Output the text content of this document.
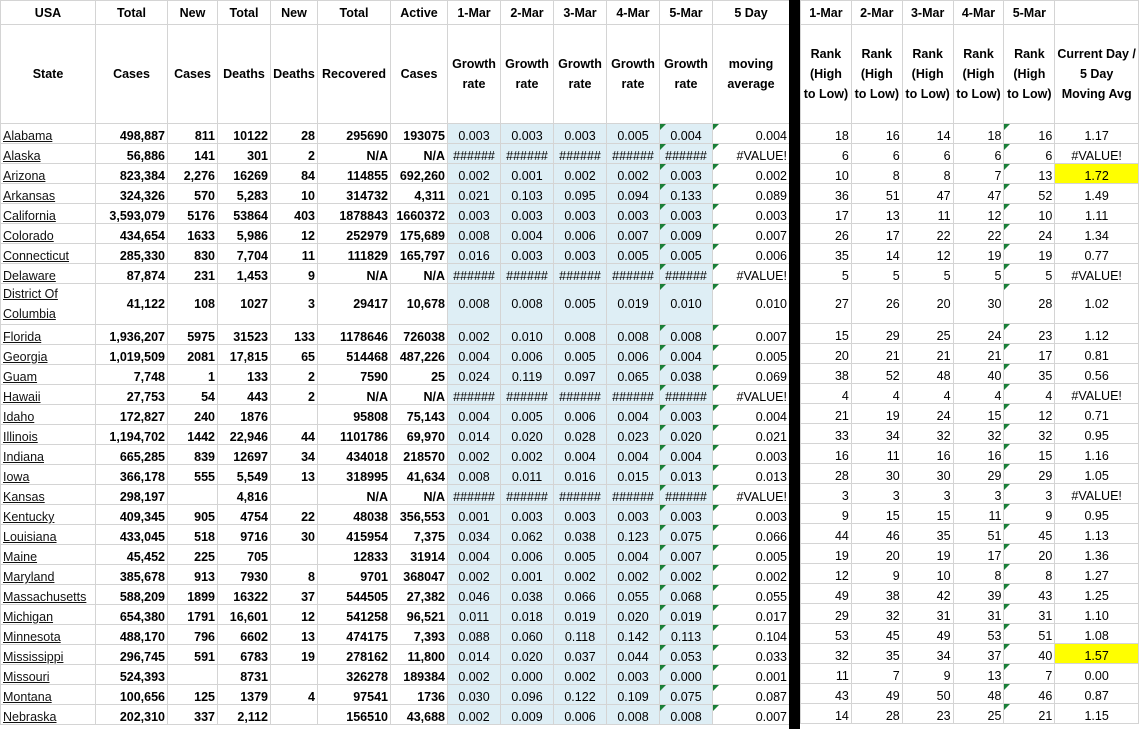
USA	Total	New	Total	New	Total	Active	1-Mar	2-Mar	3-Mar	4-Mar	5-Mar	5 Day
State	Cases	Cases	Deaths	Deaths	Recovered	Cases	Growth rate	Growth rate	Growth rate	Growth rate	Growth rate	moving average
Alabama	498,887	811	10122	28	295690	193075	0.003	0.003	0.003	0.005	0.004	0.004
Alaska	56,886	141	301	2	N/A	N/A	######	######	######	######	######	#VALUE!
Arizona	823,384	2,276	16269	84	114855	692,260	0.002	0.001	0.002	0.002	0.003	0.002
Arkansas	324,326	570	5,283	10	314732	4,311	0.021	0.103	0.095	0.094	0.133	0.089
California	3,593,079	5176	53864	403	1878843	1660372	0.003	0.003	0.003	0.003	0.003	0.003
Colorado	434,654	1633	5,986	12	252979	175,689	0.008	0.004	0.006	0.007	0.009	0.007
Connecticut	285,330	830	7,704	11	111829	165,797	0.016	0.003	0.003	0.005	0.005	0.006
Delaware	87,874	231	1,453	9	N/A	N/A	######	######	######	######	######	#VALUE!
District Of Columbia	41,122	108	1027	3	29417	10,678	0.008	0.008	0.005	0.019	0.010	0.010
Florida	1,936,207	5975	31523	133	1178646	726038	0.002	0.010	0.008	0.008	0.008	0.007
Georgia	1,019,509	2081	17,815	65	514468	487,226	0.004	0.006	0.005	0.006	0.004	0.005
Guam	7,748	1	133	2	7590	25	0.024	0.119	0.097	0.065	0.038	0.069
Hawaii	27,753	54	443	2	N/A	N/A	######	######	######	######	######	#VALUE!
Idaho	172,827	240	1876		95808	75,143	0.004	0.005	0.006	0.004	0.003	0.004
Illinois	1,194,702	1442	22,946	44	1101786	69,970	0.014	0.020	0.028	0.023	0.020	0.021
Indiana	665,285	839	12697	34	434018	218570	0.002	0.002	0.004	0.004	0.004	0.003
Iowa	366,178	555	5,549	13	318995	41,634	0.008	0.011	0.016	0.015	0.013	0.013
Kansas	298,197		4,816		N/A	N/A	######	######	######	######	######	#VALUE!
Kentucky	409,345	905	4754	22	48038	356,553	0.001	0.003	0.003	0.003	0.003	0.003
Louisiana	433,045	518	9716	30	415954	7,375	0.034	0.062	0.038	0.123	0.075	0.066
Maine	45,452	225	705		12833	31914	0.004	0.006	0.005	0.004	0.007	0.005
Maryland	385,678	913	7930	8	9701	368047	0.002	0.001	0.002	0.002	0.002	0.002
Massachusetts	588,209	1899	16322	37	544505	27,382	0.046	0.038	0.066	0.055	0.068	0.055
Michigan	654,380	1791	16,601	12	541258	96,521	0.011	0.018	0.019	0.020	0.019	0.017
Minnesota	488,170	796	6602	13	474175	7,393	0.088	0.060	0.118	0.142	0.113	0.104
Mississippi	296,745	591	6783	19	278162	11,800	0.014	0.020	0.037	0.044	0.053	0.033
Missouri	524,393		8731		326278	189384	0.002	0.000	0.002	0.003	0.000	0.001
Montana	100,656	125	1379	4	97541	1736	0.030	0.096	0.122	0.109	0.075	0.087
Nebraska	202,310	337	2,112		156510	43,688	0.002	0.009	0.006	0.008	0.008	0.007
1-Mar	2-Mar	3-Mar	4-Mar	5-Mar	
Rank (High to Low)	Rank (High to Low)	Rank (High to Low)	Rank (High to Low)	Rank (High to Low)	Current Day / 5 Day Moving Avg
18	16	14	18	16	1.17
6	6	6	6	6	#VALUE!
10	8	8	7	13	1.72
36	51	47	47	52	1.49
17	13	11	12	10	1.11
26	17	22	22	24	1.34
35	14	12	19	19	0.77
5	5	5	5	5	#VALUE!
27	26	20	30	28	1.02
15	29	25	24	23	1.12
20	21	21	21	17	0.81
38	52	48	40	35	0.56
4	4	4	4	4	#VALUE!
21	19	24	15	12	0.71
33	34	32	32	32	0.95
16	11	16	16	15	1.16
28	30	30	29	29	1.05
3	3	3	3	3	#VALUE!
9	15	15	11	9	0.95
44	46	35	51	45	1.13
19	20	19	17	20	1.36
12	9	10	8	8	1.27
49	38	42	39	43	1.25
29	32	31	31	31	1.10
53	45	49	53	51	1.08
32	35	34	37	40	1.57
11	7	9	13	7	0.00
43	49	50	48	46	0.87
14	28	23	25	21	1.15
